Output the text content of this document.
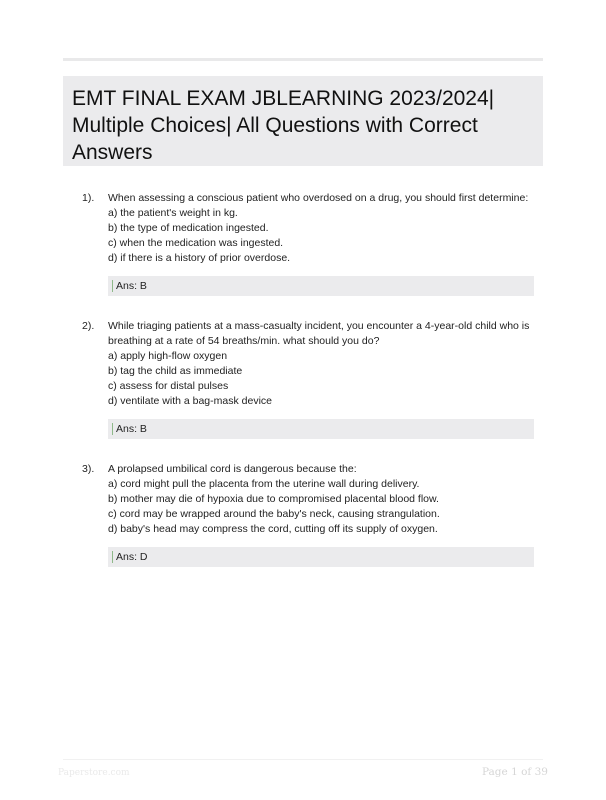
EMT FINAL EXAM JBLEARNING 2023/2024| Multiple Choices| All Questions with Correct Answers
1). When assessing a conscious patient who overdosed on a drug, you should first determine:

a) the patient's weight in kg.

b) the type of medication ingested.

c) when the medication was ingested.

d) if there is a history of prior overdose.

Ans: B
2). While triaging patients at a mass-casualty incident, you encounter a 4-year-old child who is breathing at a rate of 54 breaths/min. what should you do?

a) apply high-flow oxygen

b) tag the child as immediate

c) assess for distal pulses

d) ventilate with a bag-mask device

Ans: B
3). A prolapsed umbilical cord is dangerous because the:

a) cord might pull the placenta from the uterine wall during delivery.

b) mother may die of hypoxia due to compromised placental blood flow.

c) cord may be wrapped around the baby's neck, causing strangulation.

d) baby's head may compress the cord, cutting off its supply of oxygen.

Ans: D
Paperstore.com	Page 1 of 39
